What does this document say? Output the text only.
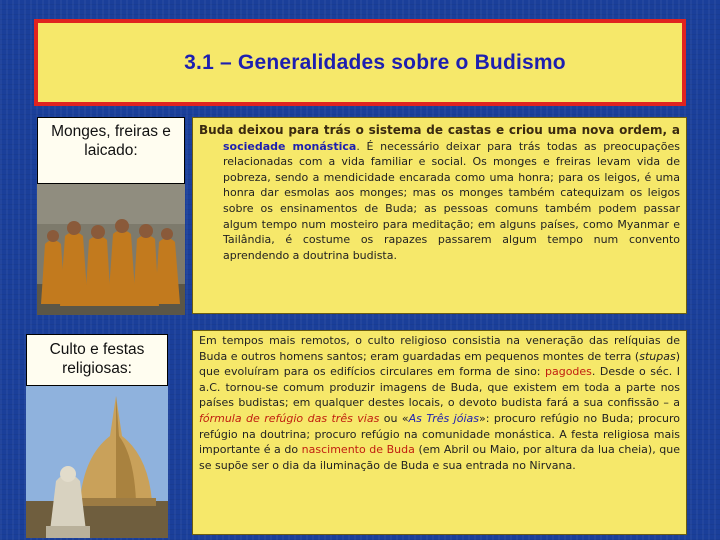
3.1 – Generalidades sobre o Budismo
Monges, freiras e laicado:

Buda deixou para trás o sistema de castas e criou uma nova ordem, a sociedade monástica. É necessário deixar para trás todas as preocupações relacionadas com a vida familiar e social. Os monges e freiras levam vida de pobreza, sendo a mendicidade encarada como uma honra; para os leigos, é uma honra dar esmolas aos monges; mas os monges também catequizam os leigos sobre os ensinamentos de Buda; as pessoas comuns também podem passar algum tempo num mosteiro para meditação; em alguns países, como Myanmar e Tailândia, é costume os rapazes passarem algum tempo num convento aprendendo a doutrina budista.

Culto e festas religiosas:

Em tempos mais remotos, o culto religioso consistia na veneração das relíquias de Buda e outros homens santos; eram guardadas em pequenos montes de terra (stupas) que evoluíram para os edifícios circulares em forma de sino: pagodes. Desde o séc. I a.C. tornou-se comum produzir imagens de Buda, que existem em toda a parte nos países budistas; em qualquer destes locais, o devoto budista fará a sua confissão – a fórmula de refúgio das três vias ou «As Três jóias»: procuro refúgio no Buda; procuro refúgio na doutrina; procuro refúgio na comunidade monástica. A festa religiosa mais importante é a do nascimento de Buda (em Abril ou Maio, por altura da lua cheia), que se supõe ser o dia da iluminação de Buda e sua entrada no Nirvana.
